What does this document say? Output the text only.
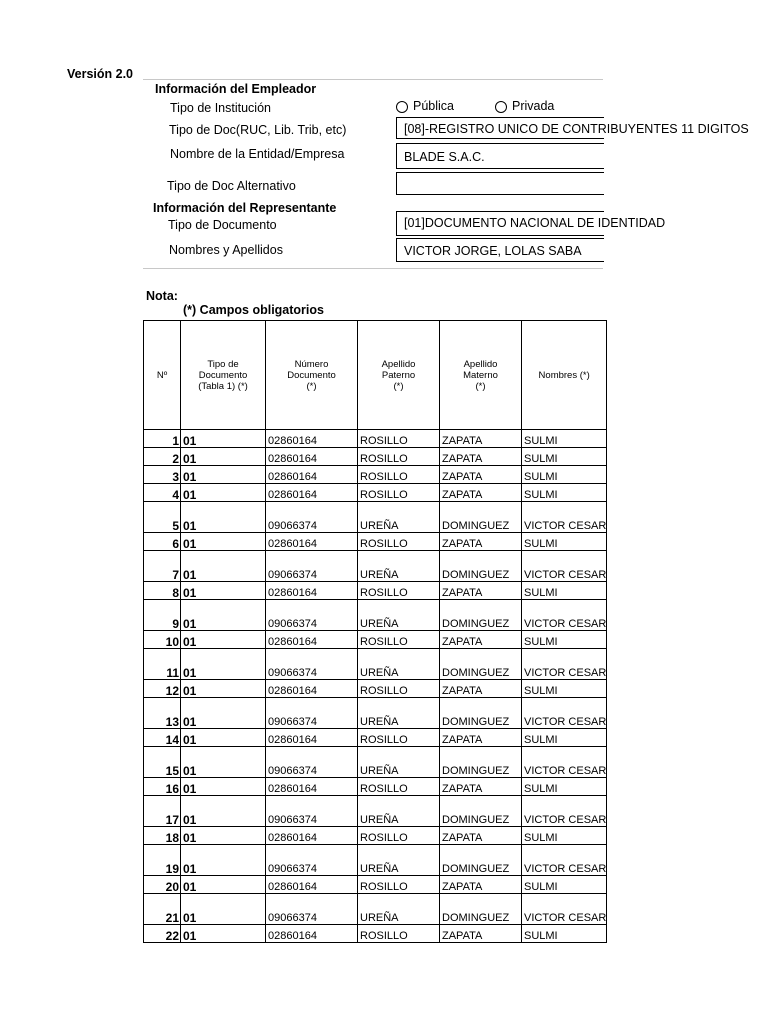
Versión 2.0
Información del Empleador
Tipo de Institución	Pública	Privada
Tipo de Doc(RUC, Lib. Trib, etc)	[08]-REGISTRO UNICO DE CONTRIBUYENTES 11 DIGITOS
Nombre de la Entidad/Empresa	BLADE S.A.C.
Tipo de Doc Alternativo
Información del Representante
Tipo de Documento	[01]DOCUMENTO NACIONAL DE IDENTIDAD
Nombres y Apellidos	VICTOR JORGE, LOLAS SABA
Nota:
(*) Campos obligatorios
Nº	Tipo de Documento (Tabla 1) (*)	Número Documento (*)	Apellido Paterno (*)	Apellido Materno (*)	Nombres (*)
1	01	02860164	ROSILLO	ZAPATA	SULMI
2	01	02860164	ROSILLO	ZAPATA	SULMI
3	01	02860164	ROSILLO	ZAPATA	SULMI
4	01	02860164	ROSILLO	ZAPATA	SULMI
5	01	09066374	UREÑA	DOMINGUEZ	VICTOR CESAR
6	01	02860164	ROSILLO	ZAPATA	SULMI
7	01	09066374	UREÑA	DOMINGUEZ	VICTOR CESAR
8	01	02860164	ROSILLO	ZAPATA	SULMI
9	01	09066374	UREÑA	DOMINGUEZ	VICTOR CESAR
10	01	02860164	ROSILLO	ZAPATA	SULMI
11	01	09066374	UREÑA	DOMINGUEZ	VICTOR CESAR
12	01	02860164	ROSILLO	ZAPATA	SULMI
13	01	09066374	UREÑA	DOMINGUEZ	VICTOR CESAR
14	01	02860164	ROSILLO	ZAPATA	SULMI
15	01	09066374	UREÑA	DOMINGUEZ	VICTOR CESAR
16	01	02860164	ROSILLO	ZAPATA	SULMI
17	01	09066374	UREÑA	DOMINGUEZ	VICTOR CESAR
18	01	02860164	ROSILLO	ZAPATA	SULMI
19	01	09066374	UREÑA	DOMINGUEZ	VICTOR CESAR
20	01	02860164	ROSILLO	ZAPATA	SULMI
21	01	09066374	UREÑA	DOMINGUEZ	VICTOR CESAR
22	01	02860164	ROSILLO	ZAPATA	SULMI
